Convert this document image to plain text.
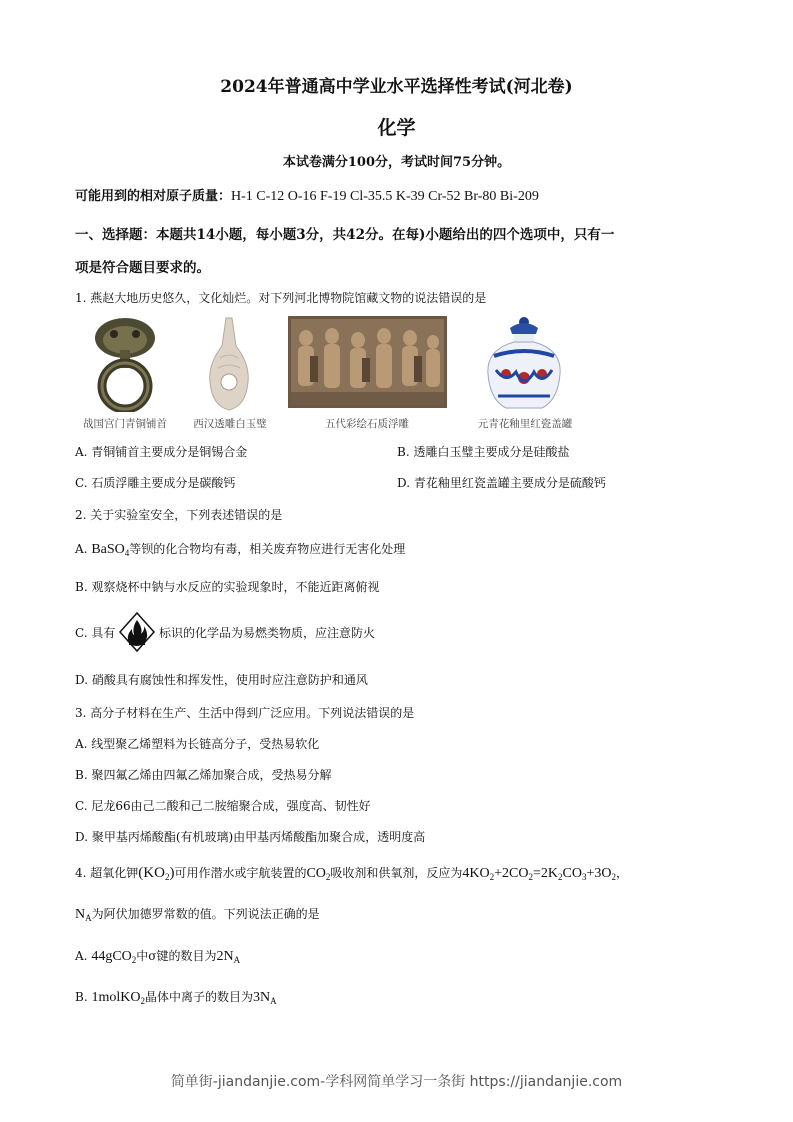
2024年普通高中学业水平选择性考试(河北卷)
化学
本试卷满分100分，考试时间75分钟。
可能用到的相对原子质量：H-1 C-12 O-16 F-19 Cl-35.5 K-39 Cr-52 Br-80 Bi-209
一、选择题：本题共14小题，每小题3分，共42分。在每)小题给出的四个选项中，只有一
项是符合题目要求的。
1. 燕赵大地历史悠久，文化灿烂。对下列河北博物院馆藏文物的说法错误的是
战国宫门青铜铺首	西汉透雕白玉璧	五代彩绘石质浮雕	元青花釉里红瓷盖罐
A. 青铜铺首主要成分是铜锡合金	B. 透雕白玉璧主要成分是硅酸盐
C. 石质浮雕主要成分是碳酸钙	D. 青花釉里红瓷盖罐主要成分是硫酸钙
2. 关于实验室安全，下列表述错误的是
A. BaSO$_4$等钡的化合物均有毒，相关废弃物应进行无害化处理
B. 观察烧杯中钠与水反应的实验现象时，不能近距离俯视
C. 具有	标识的化学品为易燃类物质，应注意防火
D. 硝酸具有腐蚀性和挥发性，使用时应注意防护和通风
3. 高分子材料在生产、生活中得到广泛应用。下列说法错误的是
A. 线型聚乙烯塑料为长链高分子，受热易软化
B. 聚四氟乙烯由四氟乙烯加聚合成，受热易分解
C. 尼龙66由己二酸和己二胺缩聚合成，强度高、韧性好
D. 聚甲基丙烯酸酯(有机玻璃)由甲基丙烯酸酯加聚合成，透明度高
4. 超氧化钾$(KO_2)$可用作潜水或宇航装置的$CO_2$吸收剂和供氧剂，反应为$4KO_2+2CO_2=2K_2CO_3+3O_2$，
$N_A$为阿伏加德罗常数的值。下列说法正确的是
A. 44gCO$_2$中σ键的数目为$2N_A$
B. 1molKO$_2$晶体中离子的数目为$3N_A$
简单街-jiandanjie.com-学科网简单学习一条街 https://jiandanjie.com
